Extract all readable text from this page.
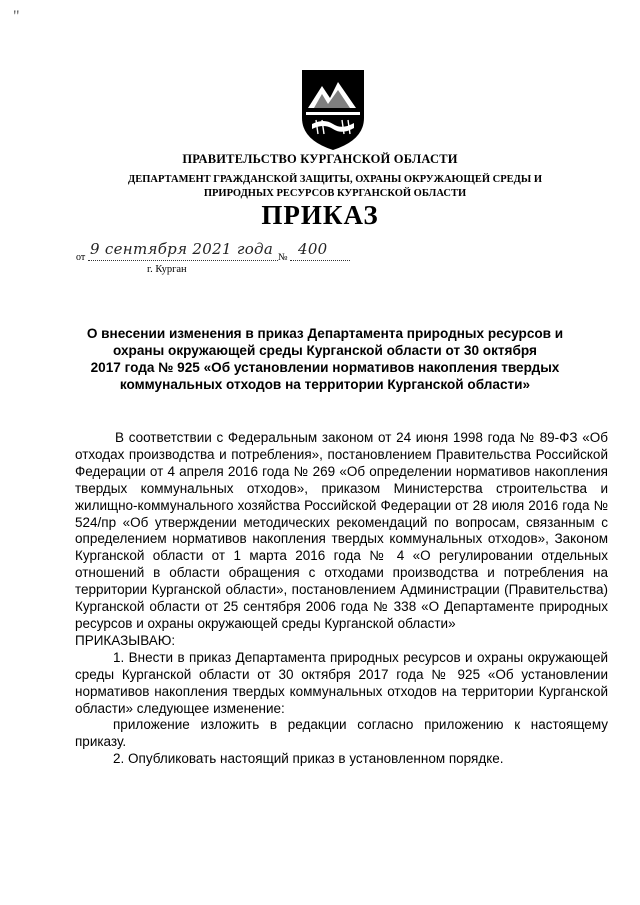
"
ПРАВИТЕЛЬСТВО КУРГАНСКОЙ ОБЛАСТИ
ДЕПАРТАМЕНТ ГРАЖДАНСКОЙ ЗАЩИТЫ, ОХРАНЫ ОКРУЖАЮЩЕЙ СРЕДЫ И
ПРИРОДНЫХ РЕСУРСОВ КУРГАНСКОЙ ОБЛАСТИ
ПРИКАЗ
от 9 сентября 2021 года № 400
г. Курган
О внесении изменения в приказ Департамента природных ресурсов и
охраны окружающей среды Курганской области от 30 октября
2017 года № 925 «Об установлении нормативов накопления твердых
коммунальных отходов на территории Курганской области»

В соответствии с Федеральным законом от 24 июня 1998 года № 89-ФЗ «Об отходах производства и потребления», постановлением Правительства Российской Федерации от 4 апреля 2016 года № 269 «Об определении нормативов накопления твердых коммунальных отходов», приказом Министерства строительства и жилищно-коммунального хозяйства Российской Федерации от 28 июля 2016 года № 524/пр «Об утверждении методических рекомендаций по вопросам, связанным с определением нормативов накопления твердых коммунальных отходов», Законом Курганской области от 1 марта 2016 года № 4 «О регулировании отдельных отношений в области обращения с отходами производства и потребления на территории Курганской области», постановлением Администрации (Правительства) Курганской области от 25 сентября 2006 года № 338 «О Департаменте природных ресурсов и охраны окружающей среды Курганской области»

ПРИКАЗЫВАЮ:

1. Внести в приказ Департамента природных ресурсов и охраны окружающей среды Курганской области от 30 октября 2017 года № 925 «Об установлении нормативов накопления твердых коммунальных отходов на территории Курганской области» следующее изменение:

приложение изложить в редакции согласно приложению к настоящему приказу.

2. Опубликовать настоящий приказ в установленном порядке.
